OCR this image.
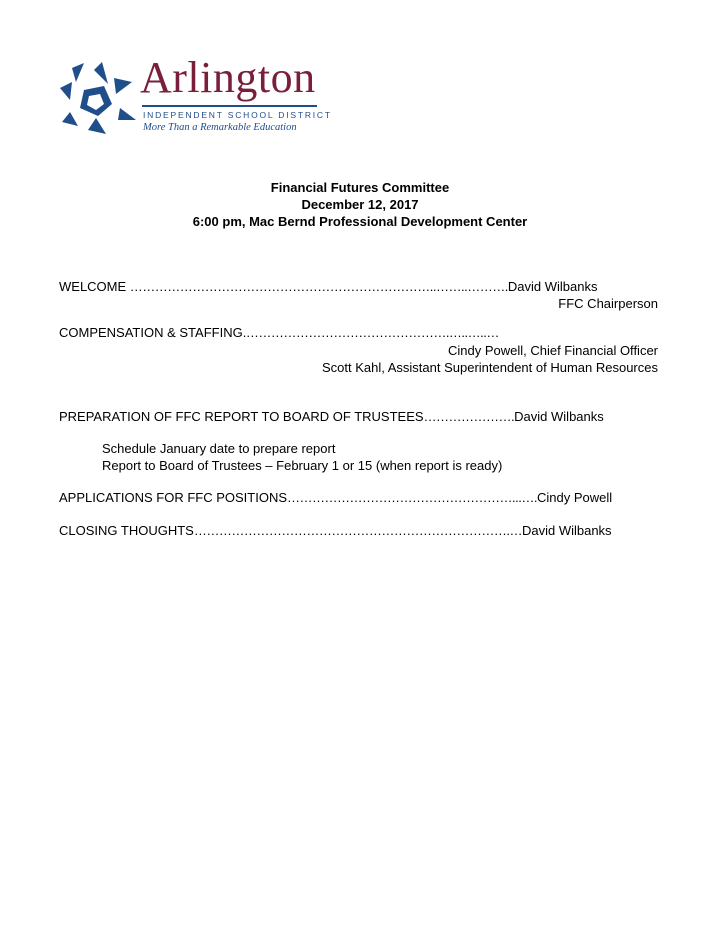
Arlington
INDEPENDENT SCHOOL DISTRICT
More Than a Remarkable Education
Financial Futures Committee
December 12, 2017
6:00 pm, Mac Bernd Professional Development Center
WELCOME ………………………………………………………………..……..……….David Wilbanks
FFC Chairperson
COMPENSATION & STAFFING.………………………………………….…..…..…
Cindy Powell, Chief Financial Officer
Scott Kahl, Assistant Superintendent of Human Resources
PREPARATION OF FFC REPORT TO BOARD OF TRUSTEES………………….David Wilbanks
Schedule January date to prepare report
Report to Board of Trustees – February 1 or 15 (when report is ready)
APPLICATIONS FOR FFC POSITIONS………………………………………………...….Cindy Powell
CLOSING THOUGHTS………………………………………………………………….…David Wilbanks
